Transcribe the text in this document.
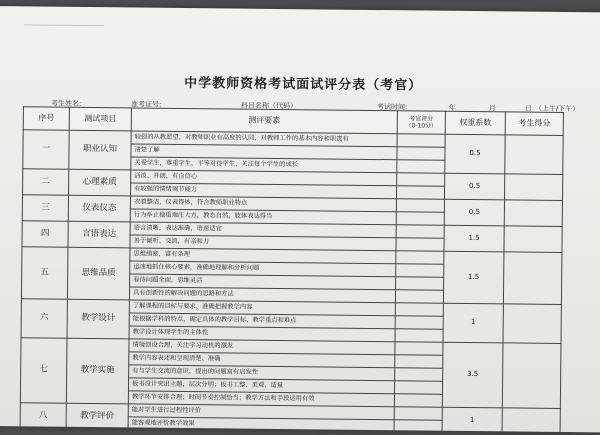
中学教师资格考试面试评分表（考官）
考生姓名:	准考证号:	科目名称（代码）	考试时间:	年	月	日 （上午/下午）
序号	测试项目	测评要素	考官评分
（0-10分）	权重系数	考生得分
一	职业认知	较强的从教愿望，对教师职业有高度的认同，对教师工作的基本内容和职责有		0.5	
		清楚了解			
		关爱学生，尊重学生，平等对待学生，关注每个学生的成长			
二	心理素质	活泼、开朗，有自信心		0.5	
		有较强的情绪调节能力			
三	仪表仪态	衣着整洁，仪表得体，符合教师职业特点		0.5	
		行为举止稳重端庄大方，教态自然，肢体表达得当			
四	言语表达	语言清晰，表达准确，语速适宜		1.5	
		善于倾听、交流，有亲和力			
五	思维品质	思维缜密，富有条理		1.5	
		迅速地抓住核心要素，准确地理解和分析问题			
		看待问题全面，思维灵活			
		具有创新性的解决问题的思路和方法			
六	教学设计	了解课程的目标与要求，准确把握教学内容		1	
		能根据学科的特点，确定具体的教学目标、教学重点和难点			
		教学设计体现学生的主体性			
七	教学实施	情境创设合理，关注学习动机的激发		3.5	
		教学内容表述和呈现清楚、准确			
		有与学生交流的意识，提出的问题富有启发性			
		板书设计突出主题，层次分明；板书工整、美观、适量			
		教学环节安排合理；时间节奏控制恰当；教学方法和手段运用有效			
八	教学评价	能对学生进行过程性评价		1	
		能客观地评价教学效果			
